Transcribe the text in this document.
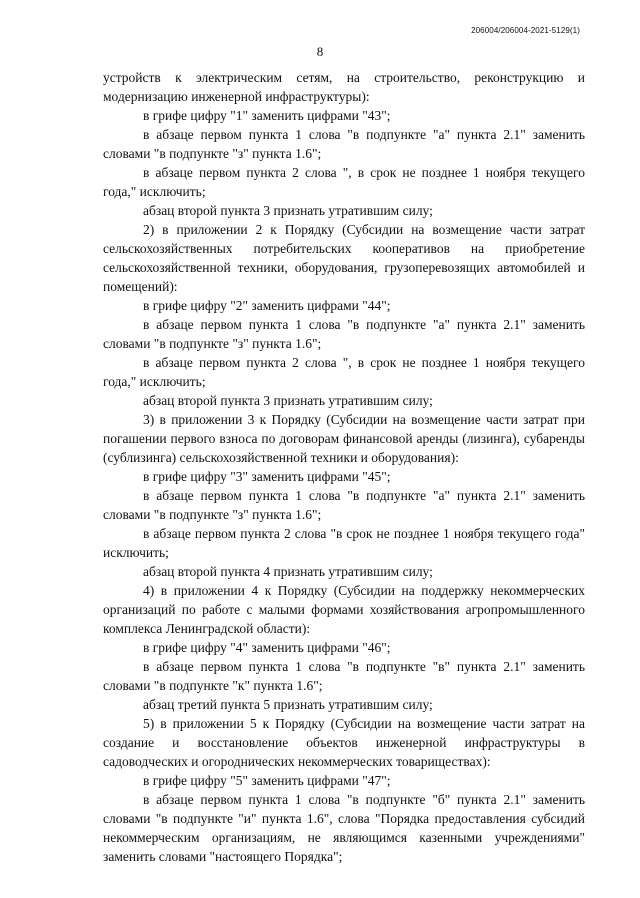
206004/206004-2021-5129(1)
8

устройств к электрическим сетям, на строительство, реконструкцию и модернизацию инженерной инфраструктуры):

в грифе цифру "1" заменить цифрами "43";

в абзаце первом пункта 1 слова "в подпункте "а" пункта 2.1" заменить словами "в подпункте "з" пункта 1.6";

в абзаце первом пункта 2 слова ", в срок не позднее 1 ноября текущего года," исключить;

абзац второй пункта 3 признать утратившим силу;

2) в приложении 2 к Порядку (Субсидии на возмещение части затрат сельскохозяйственных потребительских кооперативов на приобретение сельскохозяйственной техники, оборудования, грузоперевозящих автомобилей и помещений):

в грифе цифру "2" заменить цифрами "44";

в абзаце первом пункта 1 слова "в подпункте "а" пункта 2.1" заменить словами "в подпункте "з" пункта 1.6";

в абзаце первом пункта 2 слова ", в срок не позднее 1 ноября текущего года," исключить;

абзац второй пункта 3 признать утратившим силу;

3) в приложении 3 к Порядку (Субсидии на возмещение части затрат при погашении первого взноса по договорам финансовой аренды (лизинга), субаренды (сублизинга) сельскохозяйственной техники и оборудования):

в грифе цифру "3" заменить цифрами "45";

в абзаце первом пункта 1 слова "в подпункте "а" пункта 2.1" заменить словами "в подпункте "з" пункта 1.6";

в абзаце первом пункта 2 слова "в срок не позднее 1 ноября текущего года" исключить;

абзац второй пункта 4 признать утратившим силу;

4) в приложении 4 к Порядку (Субсидии на поддержку некоммерческих организаций по работе с малыми формами хозяйствования агропромышленного комплекса Ленинградской области):

в грифе цифру "4" заменить цифрами "46";

в абзаце первом пункта 1 слова "в подпункте "в" пункта 2.1" заменить словами "в подпункте "к" пункта 1.6";

абзац третий пункта 5 признать утратившим силу;

5) в приложении 5 к Порядку (Субсидии на возмещение части затрат на создание и восстановление объектов инженерной инфраструктуры в садоводческих и огороднических некоммерческих товариществах):

в грифе цифру "5" заменить цифрами "47";

в абзаце первом пункта 1 слова "в подпункте "б" пункта 2.1" заменить словами "в подпункте "и" пункта 1.6", слова "Порядка предоставления субсидий некоммерческим организациям, не являющимся казенными учреждениями" заменить словами "настоящего Порядка";
